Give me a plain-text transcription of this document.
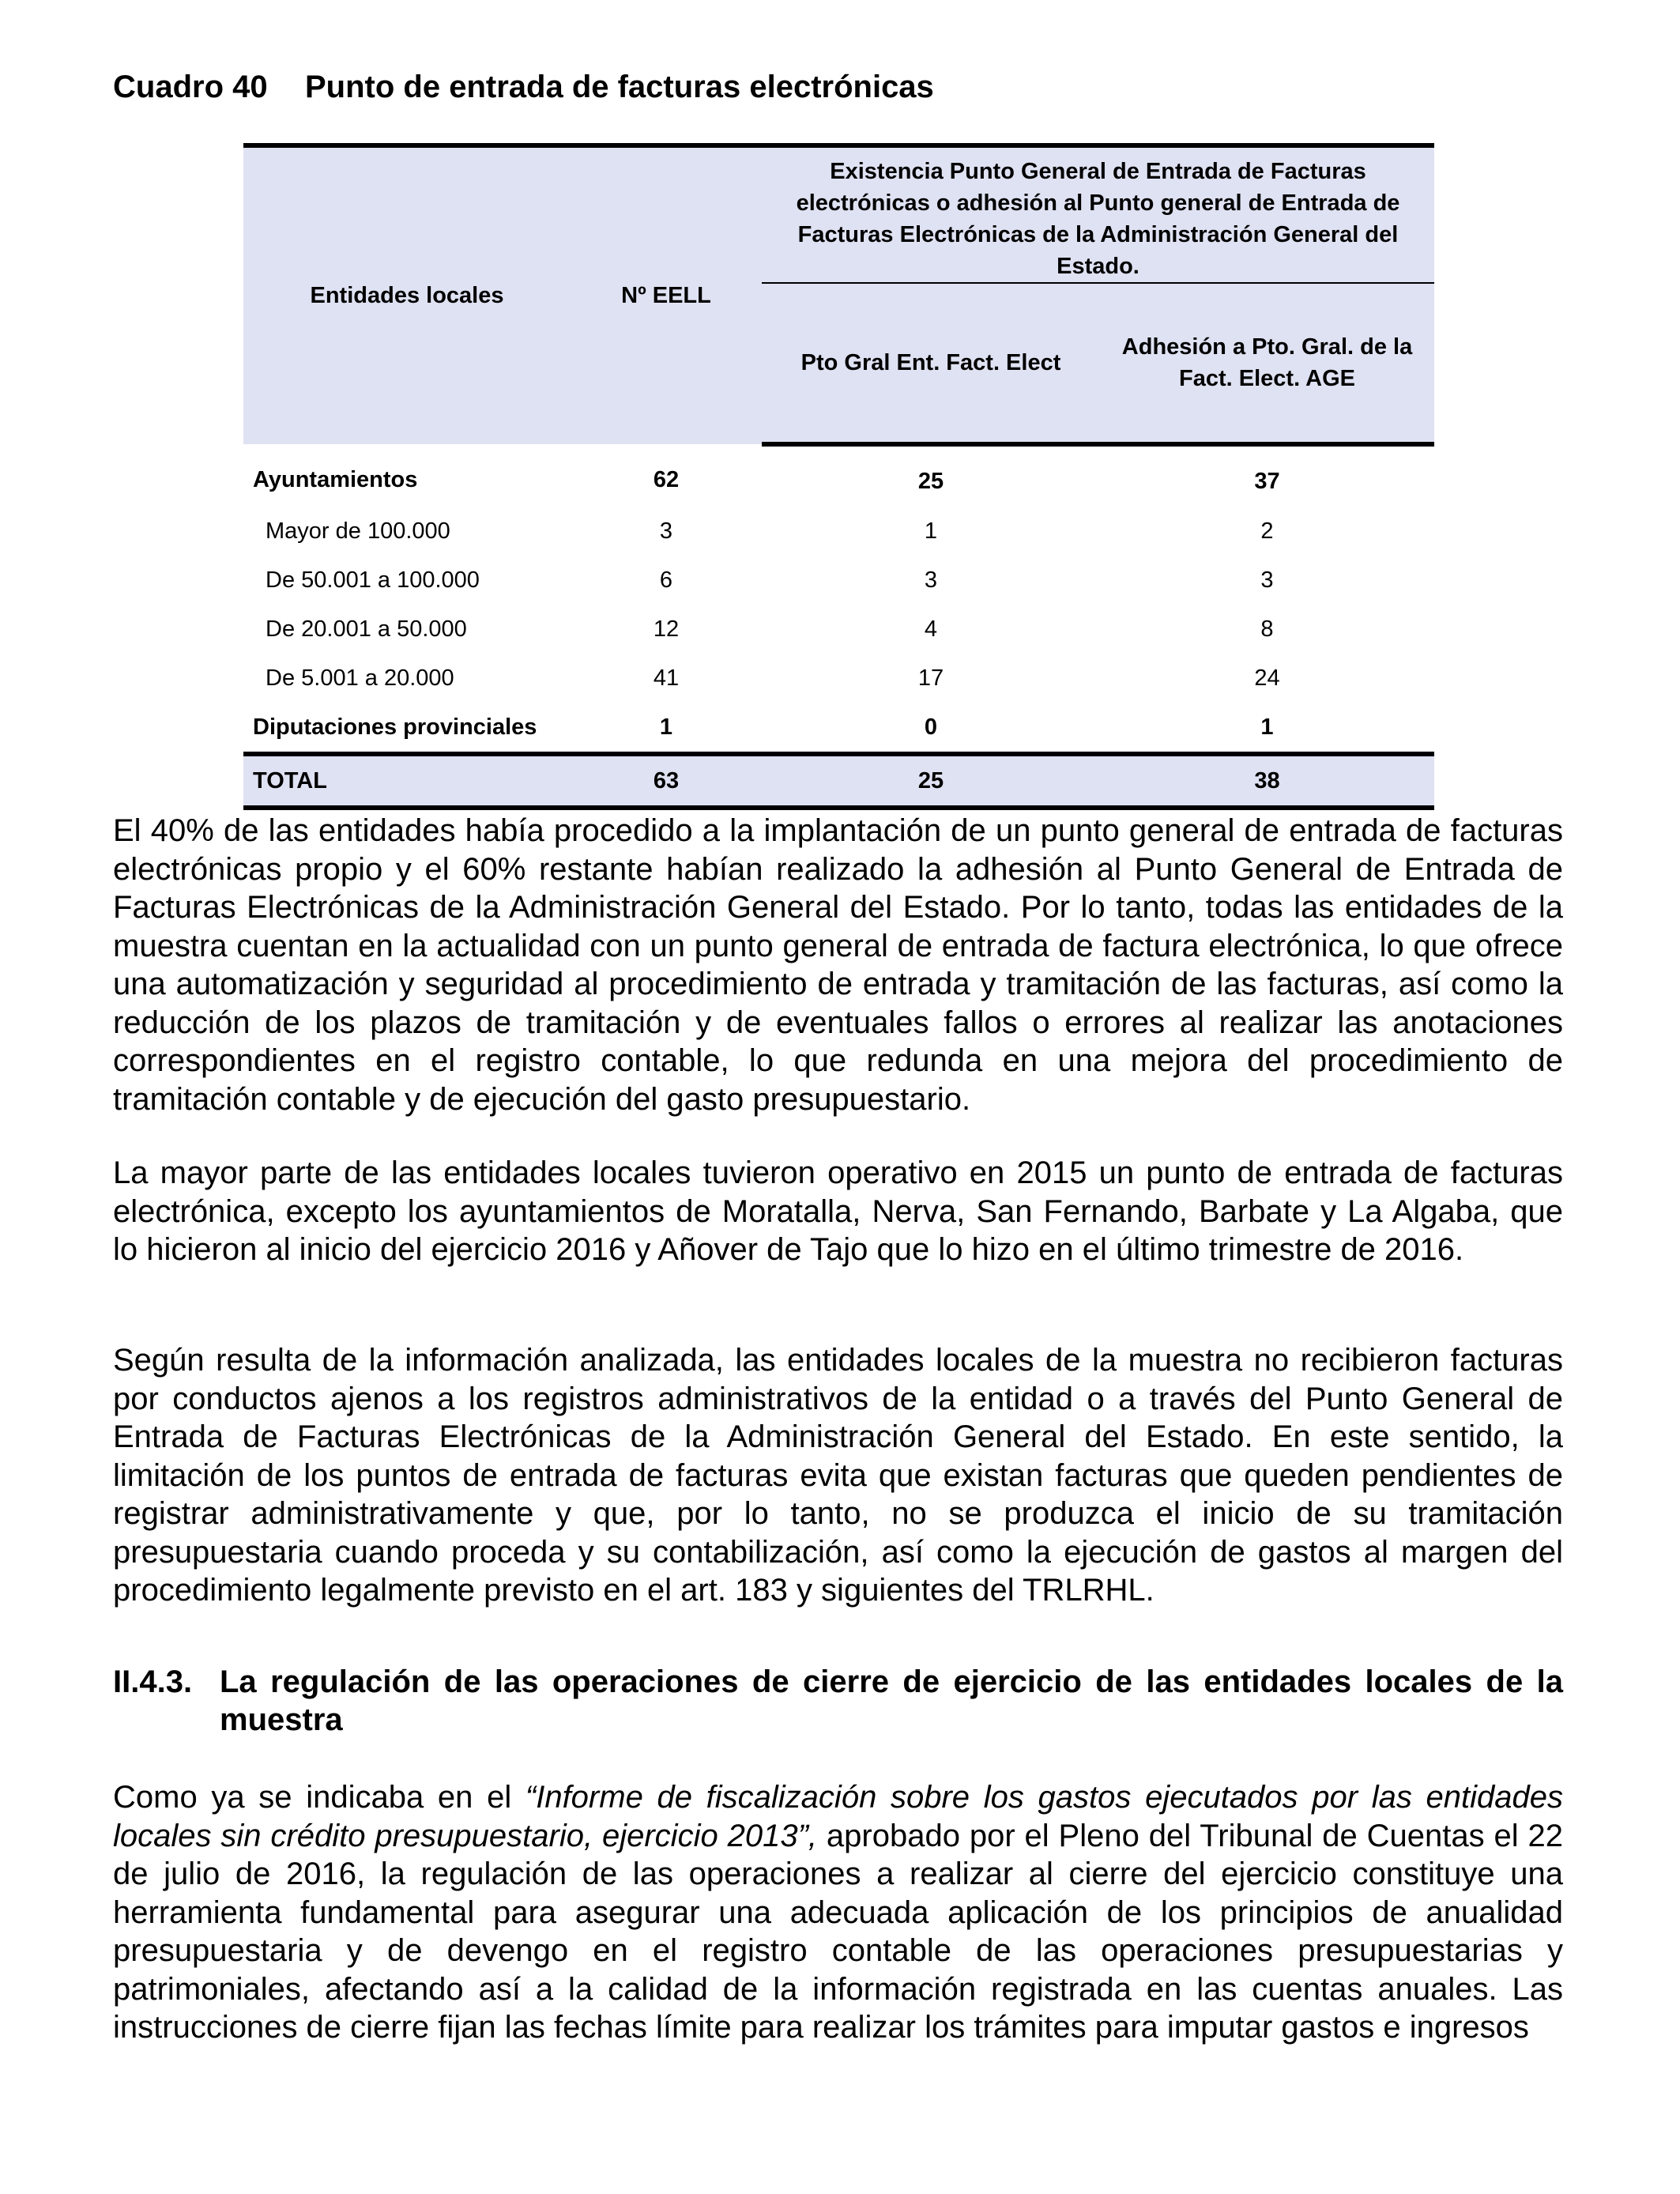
Cuadro 40 Punto de entrada de facturas electrónicas
Entidades locales	Nº EELL	Existencia Punto General de Entrada de Facturas electrónicas o adhesión al Punto general de Entrada de Facturas Electrónicas de la Administración General del Estado.	
		Pto Gral Ent. Fact. Elect	Adhesión a Pto. Gral. de la Fact. Elect. AGE
Ayuntamientos	62	25	37
Mayor de 100.000	3	1	2
De 50.001 a 100.000	6	3	3
De 20.001 a 50.000	12	4	8
De 5.001 a 20.000	41	17	24
Diputaciones provinciales	1	0	1
TOTAL	63	25	38

El 40% de las entidades había procedido a la implantación de un punto general de entrada de facturas electrónicas propio y el 60% restante habían realizado la adhesión al Punto General de Entrada de Facturas Electrónicas de la Administración General del Estado. Por lo tanto, todas las entidades de la muestra cuentan en la actualidad con un punto general de entrada de factura electrónica, lo que ofrece una automatización y seguridad al procedimiento de entrada y tramitación de las facturas, así como la reducción de los plazos de tramitación y de eventuales fallos o errores al realizar las anotaciones correspondientes en el registro contable, lo que redunda en una mejora del procedimiento de tramitación contable y de ejecución del gasto presupuestario.

La mayor parte de las entidades locales tuvieron operativo en 2015 un punto de entrada de facturas electrónica, excepto los ayuntamientos de Moratalla, Nerva, San Fernando, Barbate y La Algaba, que lo hicieron al inicio del ejercicio 2016 y Añover de Tajo que lo hizo en el último trimestre de 2016.

Según resulta de la información analizada, las entidades locales de la muestra no recibieron facturas por conductos ajenos a los registros administrativos de la entidad o a través del Punto General de Entrada de Facturas Electrónicas de la Administración General del Estado. En este sentido, la limitación de los puntos de entrada de facturas evita que existan facturas que queden pendientes de registrar administrativamente y que, por lo tanto, no se produzca el inicio de su tramitación presupuestaria cuando proceda y su contabilización, así como la ejecución de gastos al margen del procedimiento legalmente previsto en el art. 183 y siguientes del TRLRHL.

II.4.3. La regulación de las operaciones de cierre de ejercicio de las entidades locales de la muestra

Como ya se indicaba en el “Informe de fiscalización sobre los gastos ejecutados por las entidades locales sin crédito presupuestario, ejercicio 2013”, aprobado por el Pleno del Tribunal de Cuentas el 22 de julio de 2016, la regulación de las operaciones a realizar al cierre del ejercicio constituye una herramienta fundamental para asegurar una adecuada aplicación de los principios de anualidad presupuestaria y de devengo en el registro contable de las operaciones presupuestarias y patrimoniales, afectando así a la calidad de la información registrada en las cuentas anuales. Las instrucciones de cierre fijan las fechas límite para realizar los trámites para imputar gastos e ingresos
